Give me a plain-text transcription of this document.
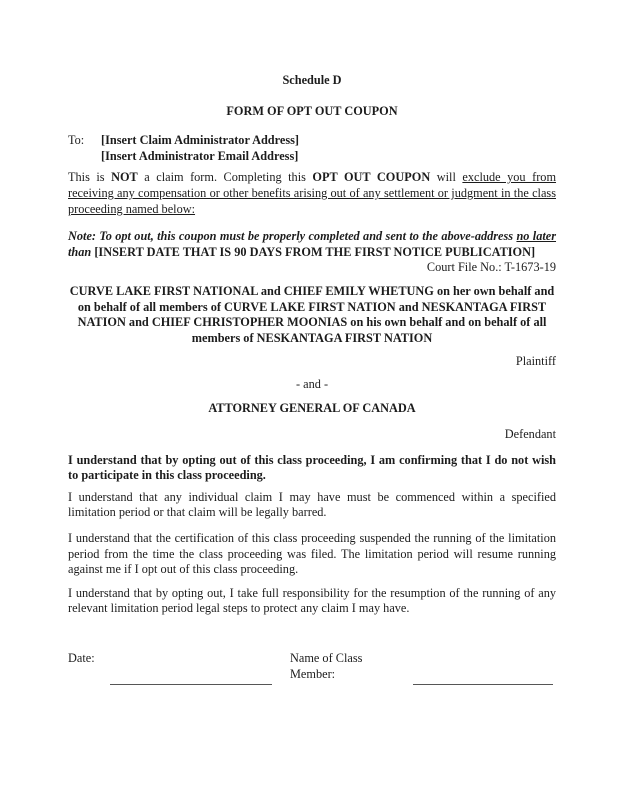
Schedule D

FORM OF OPT OUT COUPON

To:	[Insert Claim Administrator Address]
[Insert Administrator Email Address]

This is NOT a claim form. Completing this OPT OUT COUPON will exclude you from receiving any compensation or other benefits arising out of any settlement or judgment in the class proceeding named below:

Note: To opt out, this coupon must be properly completed and sent to the above-address no later than [INSERT DATE THAT IS 90 DAYS FROM THE FIRST NOTICE PUBLICATION]

Court File No.: T-1673-19

CURVE LAKE FIRST NATIONAL and CHIEF EMILY WHETUNG on her own behalf and on behalf of all members of CURVE LAKE FIRST NATION and NESKANTAGA FIRST NATION and CHIEF CHRISTOPHER MOONIAS on his own behalf and on behalf of all members of NESKANTAGA FIRST NATION

Plaintiff

- and -

ATTORNEY GENERAL OF CANADA

Defendant

I understand that by opting out of this class proceeding, I am confirming that I do not wish to participate in this class proceeding.

I understand that any individual claim I may have must be commenced within a specified limitation period or that claim will be legally barred.

I understand that the certification of this class proceeding suspended the running of the limitation period from the time the class proceeding was filed. The limitation period will resume running against me if I opt out of this class proceeding.

I understand that by opting out, I take full responsibility for the resumption of the running of any relevant limitation period legal steps to protect any claim I may have.

Date:	Name of Class
Member:
